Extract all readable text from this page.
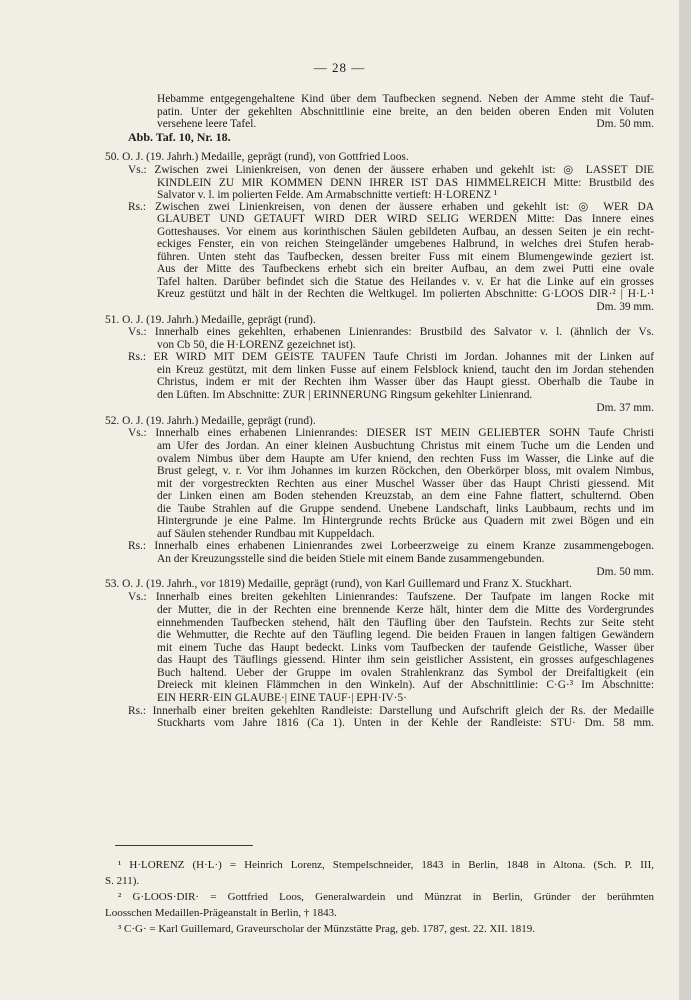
— 28 —
Hebamme entgegengehaltene Kind über dem Taufbecken segnend. Neben der Amme steht die Tauf-
patin. Unter der gekehlten Abschnittlinie eine breite, an den beiden oberen Enden mit Voluten
versehene leere Tafel.	Dm. 50 mm.
Abb. Taf. 10, Nr. 18.
50. O. J. (19. Jahrh.) Medaille, geprägt (rund), von Gottfried Loos.
Vs.: Zwischen zwei Linienkreisen, von denen der äussere erhaben und gekehlt ist: ◎ LASSET DIE
KINDLEIN ZU MIR KOMMEN DENN IHRER IST DAS HIMMELREICH Mitte: Brustbild des
Salvator v. l. im polierten Felde. Am Armabschnitte vertieft: H·LORENZ ¹
Rs.: Zwischen zwei Linienkreisen, von denen der äussere erhaben und gekehlt ist: ◎ WER DA
GLAUBET UND GETAUFT WIRD DER WIRD SELIG WERDEN Mitte: Das Innere eines
Gotteshauses. Vor einem aus korinthischen Säulen gebildeten Aufbau, an dessen Seiten je ein recht-
eckiges Fenster, ein von reichen Steingeländer umgebenes Halbrund, in welches drei Stufen herab-
führen. Unten steht das Taufbecken, dessen breiter Fuss mit einem Blumengewinde geziert ist.
Aus der Mitte des Taufbeckens erhebt sich ein breiter Aufbau, an dem zwei Putti eine ovale
Tafel halten. Darüber befindet sich die Statue des Heilandes v. v. Er hat die Linke auf ein grosses
Kreuz gestützt und hält in der Rechten die Weltkugel. Im polierten Abschnitte: G·LOOS DIR·² | H·L·¹
Dm. 39 mm.
51. O. J. (19. Jahrh.) Medaille, geprägt (rund).
Vs.: Innerhalb eines gekehlten, erhabenen Linienrandes: Brustbild des Salvator v. l. (ähnlich der Vs.
von Cb 50, die H·LORENZ gezeichnet ist).
Rs.: ER WIRD MIT DEM GEISTE TAUFEN Taufe Christi im Jordan. Johannes mit der Linken auf
ein Kreuz gestützt, mit dem linken Fusse auf einem Felsblock kniend, taucht den im Jordan stehenden
Christus, indem er mit der Rechten ihm Wasser über das Haupt giesst. Oberhalb die Taube in
den Lüften. Im Abschnitte: ZUR | ERINNERUNG Ringsum gekehlter Linienrand.
Dm. 37 mm.
52. O. J. (19. Jahrh.) Medaille, geprägt (rund).
Vs.: Innerhalb eines erhabenen Linienrandes: DIESER IST MEIN GELIEBTER SOHN Taufe Christi
am Ufer des Jordan. An einer kleinen Ausbuchtung Christus mit einem Tuche um die Lenden und
ovalem Nimbus über dem Haupte am Ufer kniend, den rechten Fuss im Wasser, die Linke auf die
Brust gelegt, v. r. Vor ihm Johannes im kurzen Röckchen, den Oberkörper bloss, mit ovalem Nimbus,
mit der vorgestreckten Rechten aus einer Muschel Wasser über das Haupt Christi giessend. Mit
der Linken einen am Boden stehenden Kreuzstab, an dem eine Fahne flattert, schulternd. Oben
die Taube Strahlen auf die Gruppe sendend. Unebene Landschaft, links Laubbaum, rechts und im
Hintergrunde je eine Palme. Im Hintergrunde rechts Brücke aus Quadern mit zwei Bögen und ein
auf Säulen stehender Rundbau mit Kuppeldach.
Rs.: Innerhalb eines erhabenen Linienrandes zwei Lorbeerzweige zu einem Kranze zusammengebogen.
An der Kreuzungsstelle sind die beiden Stiele mit einem Bande zusammengebunden.
Dm. 50 mm.
53. O. J. (19. Jahrh., vor 1819) Medaille, geprägt (rund), von Karl Guillemard und Franz X. Stuckhart.
Vs.: Innerhalb eines breiten gekehlten Linienrandes: Taufszene. Der Taufpate im langen Rocke mit
der Mutter, die in der Rechten eine brennende Kerze hält, hinter dem die Mitte des Vordergrundes
einnehmenden Taufbecken stehend, hält den Täufling über den Taufstein. Rechts zur Seite steht
die Wehmutter, die Rechte auf den Täufling legend. Die beiden Frauen in langen faltigen Gewändern
mit einem Tuche das Haupt bedeckt. Links vom Taufbecken der taufende Geistliche, Wasser über
das Haupt des Täuflings giessend. Hinter ihm sein geistlicher Assistent, ein grosses aufgeschlagenes
Buch haltend. Ueber der Gruppe im ovalen Strahlenkranz das Symbol der Dreifaltigkeit (ein
Dreieck mit kleinen Flämmchen in den Winkeln). Auf der Abschnittlinie: C·G·³ Im Abschnitte:
EIN HERR·EIN GLAUBE·| EINE TAUF·| EPH·IV·5·
Rs.: Innerhalb einer breiten gekehlten Randleiste: Darstellung und Aufschrift gleich der Rs. der Medaille
Stuckharts vom Jahre 1816 (Ca 1). Unten in der Kehle der Randleiste: STU· Dm. 58 mm.
¹ H·LORENZ (H·L·) = Heinrich Lorenz, Stempelschneider, 1843 in Berlin, 1848 in Altona. (Sch. P. III,
S. 211).
² G·LOOS·DIR· = Gottfried Loos, Generalwardein und Münzrat in Berlin, Gründer der berühmten
Loosschen Medaillen-Prägeanstalt in Berlin, † 1843.
³ C·G· = Karl Guillemard, Graveurscholar der Münzstätte Prag, geb. 1787, gest. 22. XII. 1819.
